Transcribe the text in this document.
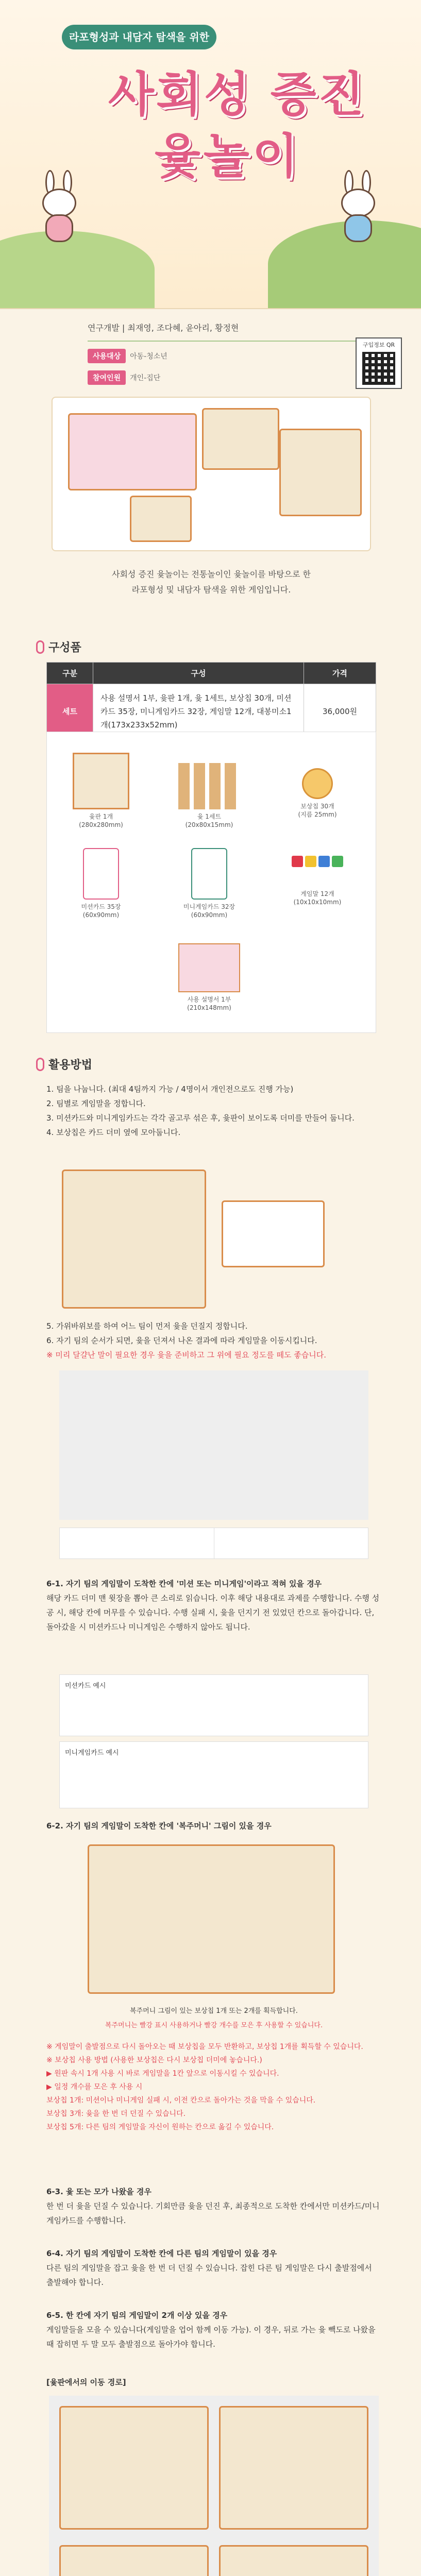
라포형성과 내담자 탐색을 위한
사회성 증진
윷놀이
연구개발 | 최재영, 조다혜, 윤아리, 황정현
사용대상	아동-청소년
참여인원	개인-집단
구입정보 QR
사회성 증진 윷놀이는 전통놀이인 윷놀이를 바탕으로 한
라포형성 및 내담자 탐색을 위한 게임입니다.
구성품
구분	구성	가격
세트	사용 설명서 1부, 윷판 1개, 윷 1세트, 보상칩 30개, 미션카드 35장, 미니게임카드 32장, 게임말 12개, 대봉미소1개(173x233x52mm)	36,000원
윷판 1개
(280x280mm)
윷 1세트
(20x80x15mm)
보상칩 30개
(지름 25mm)
미션카드 35장
(60x90mm)
미니게임카드 32장
(60x90mm)
게임말 12개
(10x10x10mm)
사용 설명서 1부
(210x148mm)
활용방법
1. 팀을 나눕니다. (최대 4팀까지 가능 / 4명이서 개인전으로도 진행 가능)
2. 팀별로 게임말을 정합니다.
3. 미션카드와 미니게임카드는 각각 골고루 섞은 후, 윷판이 보이도록 더미를 만들어 둡니다.
4. 보상칩은 카드 더미 옆에 모아둡니다.
5. 가위바위보를 하여 어느 팀이 먼저 윷을 던질지 정합니다.
6. 자기 팀의 순서가 되면, 윷을 던져서 나온 결과에 따라 게임말을 이동시킵니다.
※ 미리 달걀난 말이 필요한 경우 윷을 준비하고 그 위에 필요 정도를 떼도 좋습니다.

6-1. 자기 팀의 게임말이 도착한 칸에 '미션 또는 미니게임'이라고 적혀 있을 경우
해당 카드 더미 맨 윗장을 뽑아 큰 소리로 읽습니다. 이후 해당 내용대로 과제를 수행합니다. 수행 성공 시, 해당 칸에 머무를 수 있습니다. 수행 실패 시, 윷을 던지기 전 있었던 칸으로 돌아갑니다. 단, 돌아갔을 시 미션카드나 미니게임은 수행하지 않아도 됩니다.
미션카드 예시
미니게임카드 예시
6-2. 자기 팀의 게임말이 도착한 칸에 '복주머니' 그림이 있을 경우
복주머니 그림이 있는 보상칩 1개 또는 2개를 획득합니다.
복주머니는 빨강 표시 사용하거나 빨강 개수를 모은 후 사용할 수 있습니다.
※ 게임말이 출발점으로 다시 돌아오는 때 보상칩을 모두 반환하고, 보상칩 1개를 획득할 수 있습니다.
※ 보상칩 사용 방법 (사용한 보상칩은 다시 보상칩 더미에 놓습니다.)
▶ 원판 속시 1개 사용 시 바로 게임말을 1칸 앞으로 이동시킬 수 있습니다.
▶ 일정 개수를 모은 후 사용 시
보상칩 1개: 미션이나 미니게임 실패 시, 이전 칸으로 돌아가는 것을 막을 수 있습니다.
보상칩 3개: 윷을 한 번 더 던질 수 있습니다.
보상칩 5개: 다른 팀의 게임말을 자신이 원하는 칸으로 옮길 수 있습니다.
6-3. 윷 또는 모가 나왔을 경우
한 번 더 윷을 던질 수 있습니다. 기회만큼 윷을 던진 후, 최종적으로 도착한 칸에서만 미션카드/미니게임카드를 수행합니다.
6-4. 자기 팀의 게임말이 도착한 칸에 다른 팀의 게임말이 있을 경우
다른 팀의 게임말을 잡고 윷을 한 번 더 던질 수 있습니다. 잡힌 다른 팀 게임말은 다시 출발점에서 출발해야 합니다.
6-5. 한 칸에 자기 팀의 게임말이 2개 이상 있을 경우
게임말들을 모을 수 있습니다(게임말을 업어 함께 이동 가능). 이 경우, 뒤로 가는 윷 빽도로 나왔을 때 잡히면 두 말 모두 출발점으로 돌아가야 합니다.
[윷판에서의 이동 경로]
